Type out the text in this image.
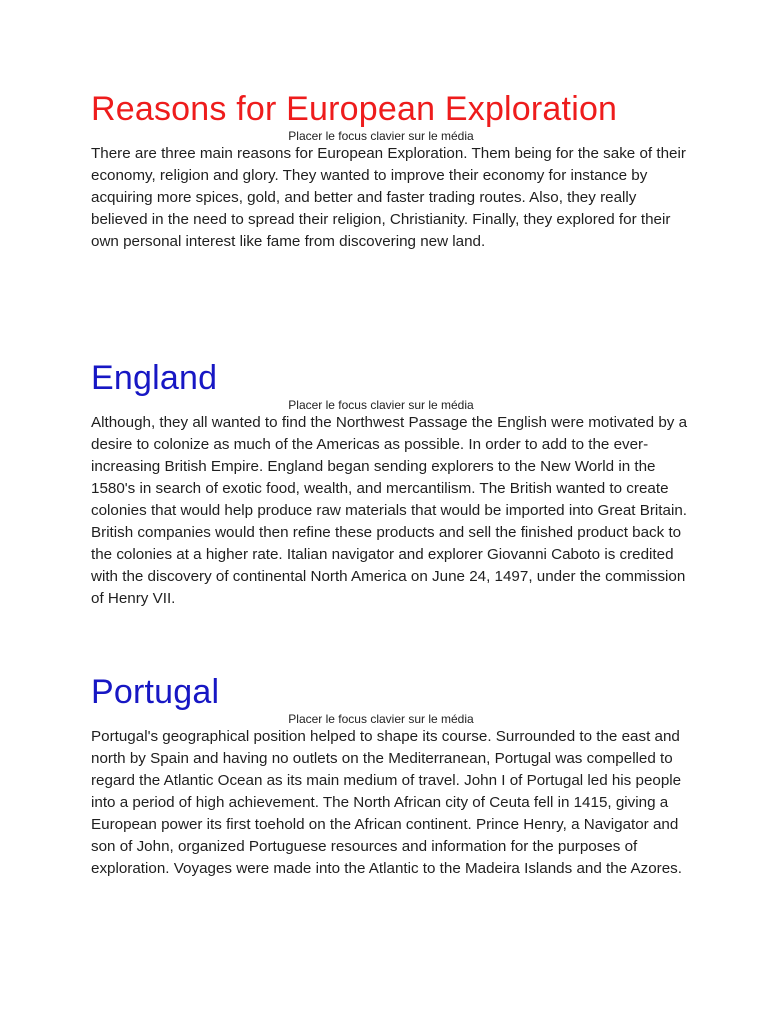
Reasons for European Exploration

Placer le focus clavier sur le média

There are three main reasons for European Exploration. Them being for the sake of their economy, religion and glory. They wanted to improve their economy for instance by acquiring more spices, gold, and better and faster trading routes. Also, they really believed in the need to spread their religion, Christianity. Finally, they explored for their own personal interest like fame from discovering new land.

England

Placer le focus clavier sur le média

Although, they all wanted to find the Northwest Passage the English were motivated by a desire to colonize as much of the Americas as possible. In order to add to the ever-increasing British Empire. England began sending explorers to the New World in the 1580's in search of exotic food, wealth, and mercantilism. The British wanted to create colonies that would help produce raw materials that would be imported into Great Britain. British companies would then refine these products and sell the finished product back to the colonies at a higher rate. Italian navigator and explorer Giovanni Caboto is credited with the discovery of continental North America on June 24, 1497, under the commission of Henry VII.

Portugal

Placer le focus clavier sur le média

Portugal's geographical position helped to shape its course. Surrounded to the east and north by Spain and having no outlets on the Mediterranean, Portugal was compelled to regard the Atlantic Ocean as its main medium of travel. John I of Portugal led his people into a period of high achievement. The North African city of Ceuta fell in 1415, giving a European power its first toehold on the African continent. Prince Henry, a Navigator and son of John, organized Portuguese resources and information for the purposes of exploration. Voyages were made into the Atlantic to the Madeira Islands and the Azores.
